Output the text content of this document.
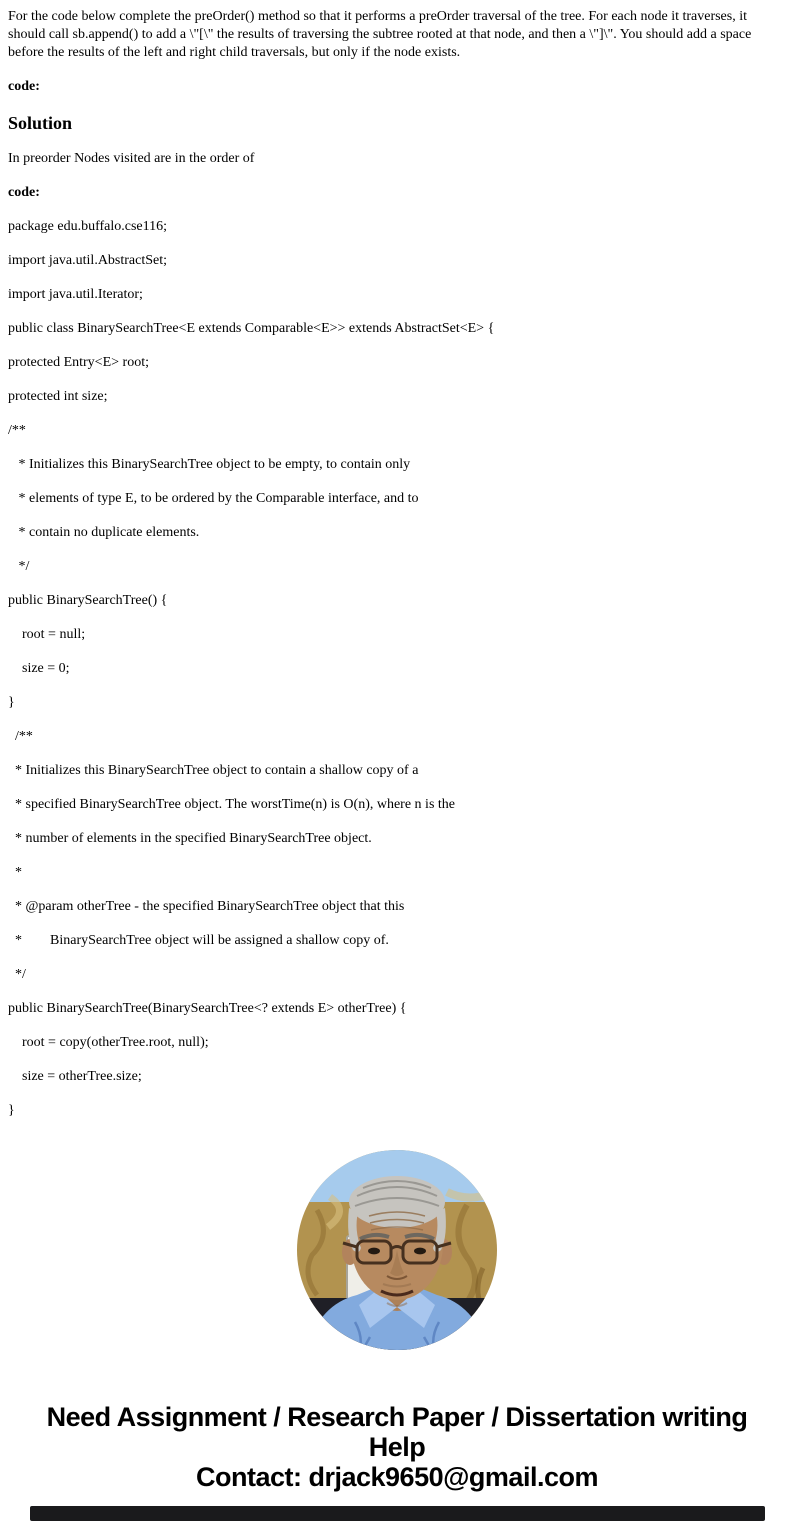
For the code below complete the preOrder() method so that it performs a preOrder traversal of the tree. For each node it traverses, it should call sb.append() to add a \"[\" the results of traversing the subtree rooted at that node, and then a \"]\". You should add a space before the results of the left and right child traversals, but only if the node exists.

code:

Solution

In preorder Nodes visited are in the order of

code:

package edu.buffalo.cse116;

import java.util.AbstractSet;

import java.util.Iterator;

public class BinarySearchTree<E extends Comparable<E>> extends AbstractSet<E> {

protected Entry<E> root;

protected int size;

/**

* Initializes this BinarySearchTree object to be empty, to contain only

* elements of type E, to be ordered by the Comparable interface, and to

* contain no duplicate elements.

*/

public BinarySearchTree() {

root = null;

size = 0;

}

/**

* Initializes this BinarySearchTree object to contain a shallow copy of a

* specified BinarySearchTree object. The worstTime(n) is O(n), where n is the

* number of elements in the specified BinarySearchTree object.

*

* @param otherTree - the specified BinarySearchTree object that this

*        BinarySearchTree object will be assigned a shallow copy of.

*/

public BinarySearchTree(BinarySearchTree<? extends E> otherTree) {

root = copy(otherTree.root, null);

size = otherTree.size;

}

Need Assignment / Research Paper / Dissertation writing Help

Contact: drjack9650@gmail.com
